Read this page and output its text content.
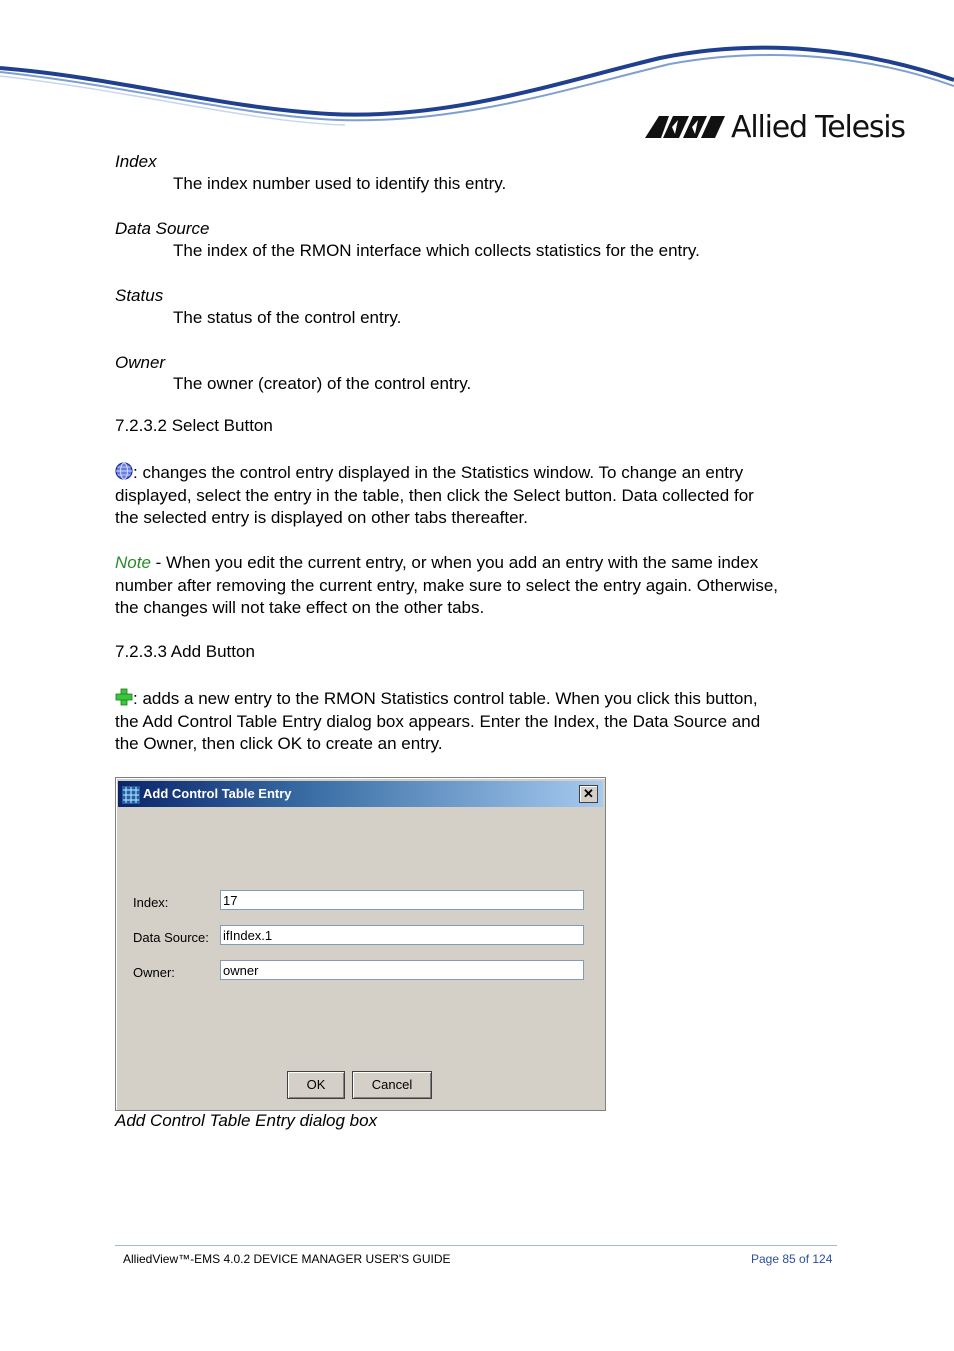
Allied Telesis
Index
The index number used to identify this entry.
Data Source
The index of the RMON interface which collects statistics for the entry.
Status
The status of the control entry.
Owner
The owner (creator) of the control entry.
7.2.3.2 Select Button
: changes the control entry displayed in the Statistics window. To change an entry
displayed, select the entry in the table, then click the Select button. Data collected for
the selected entry is displayed on other tabs thereafter.
Note - When you edit the current entry, or when you add an entry with the same index
number after removing the current entry, make sure to select the entry again. Otherwise,
the changes will not take effect on the other tabs.
7.2.3.3 Add Button
: adds a new entry to the RMON Statistics control table. When you click this button,
the Add Control Table Entry dialog box appears. Enter the Index, the Data Source and
the Owner, then click OK to create an entry.
Add Control Table Entry	✕
Index:	17
Data Source: ifIndex.1
Owner:	owner
OK	Cancel
Add Control Table Entry dialog box
AlliedView™-EMS 4.0.2 DEVICE MANAGER USER'S GUIDE	Page 85 of 124
